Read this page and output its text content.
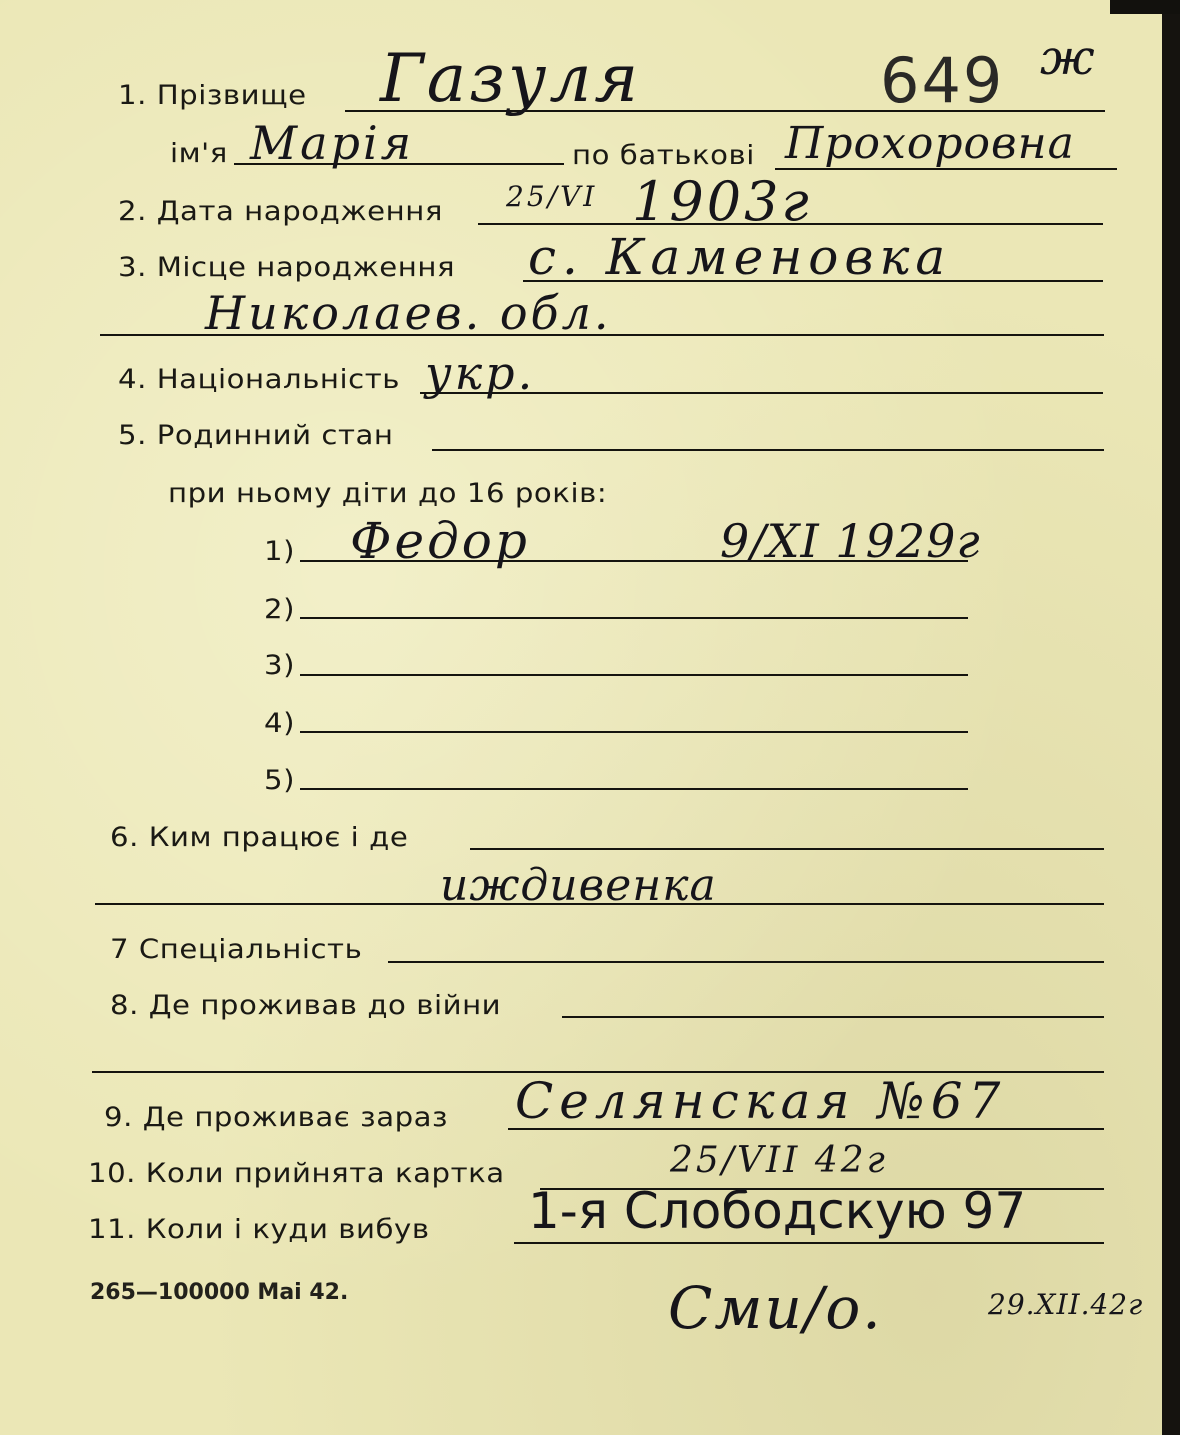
1. Прізвище Газуля	649 ж
ім'я Марія	по батькові Прохоровна
2. Дата народження 25/VI 1903г
3. Місце народження с. Каменовка
Николаев. обл.
4. Національність укр.
5. Родинний стан
при ньому діти до 16 років:
1) Федор	9/XI 1929г
2)
3)
4)
5)
6. Ким працює і де
иждивенка
7 Спеціальність
8. Де проживав до війни
9. Де проживає зараз Селянская №67
10. Коли прийнята картка	25/VII 42г
11. Коли і куди вибув 1-я Слободскую 97
265—100000 Mai 42.	Сми/о.	29.XII.42г
